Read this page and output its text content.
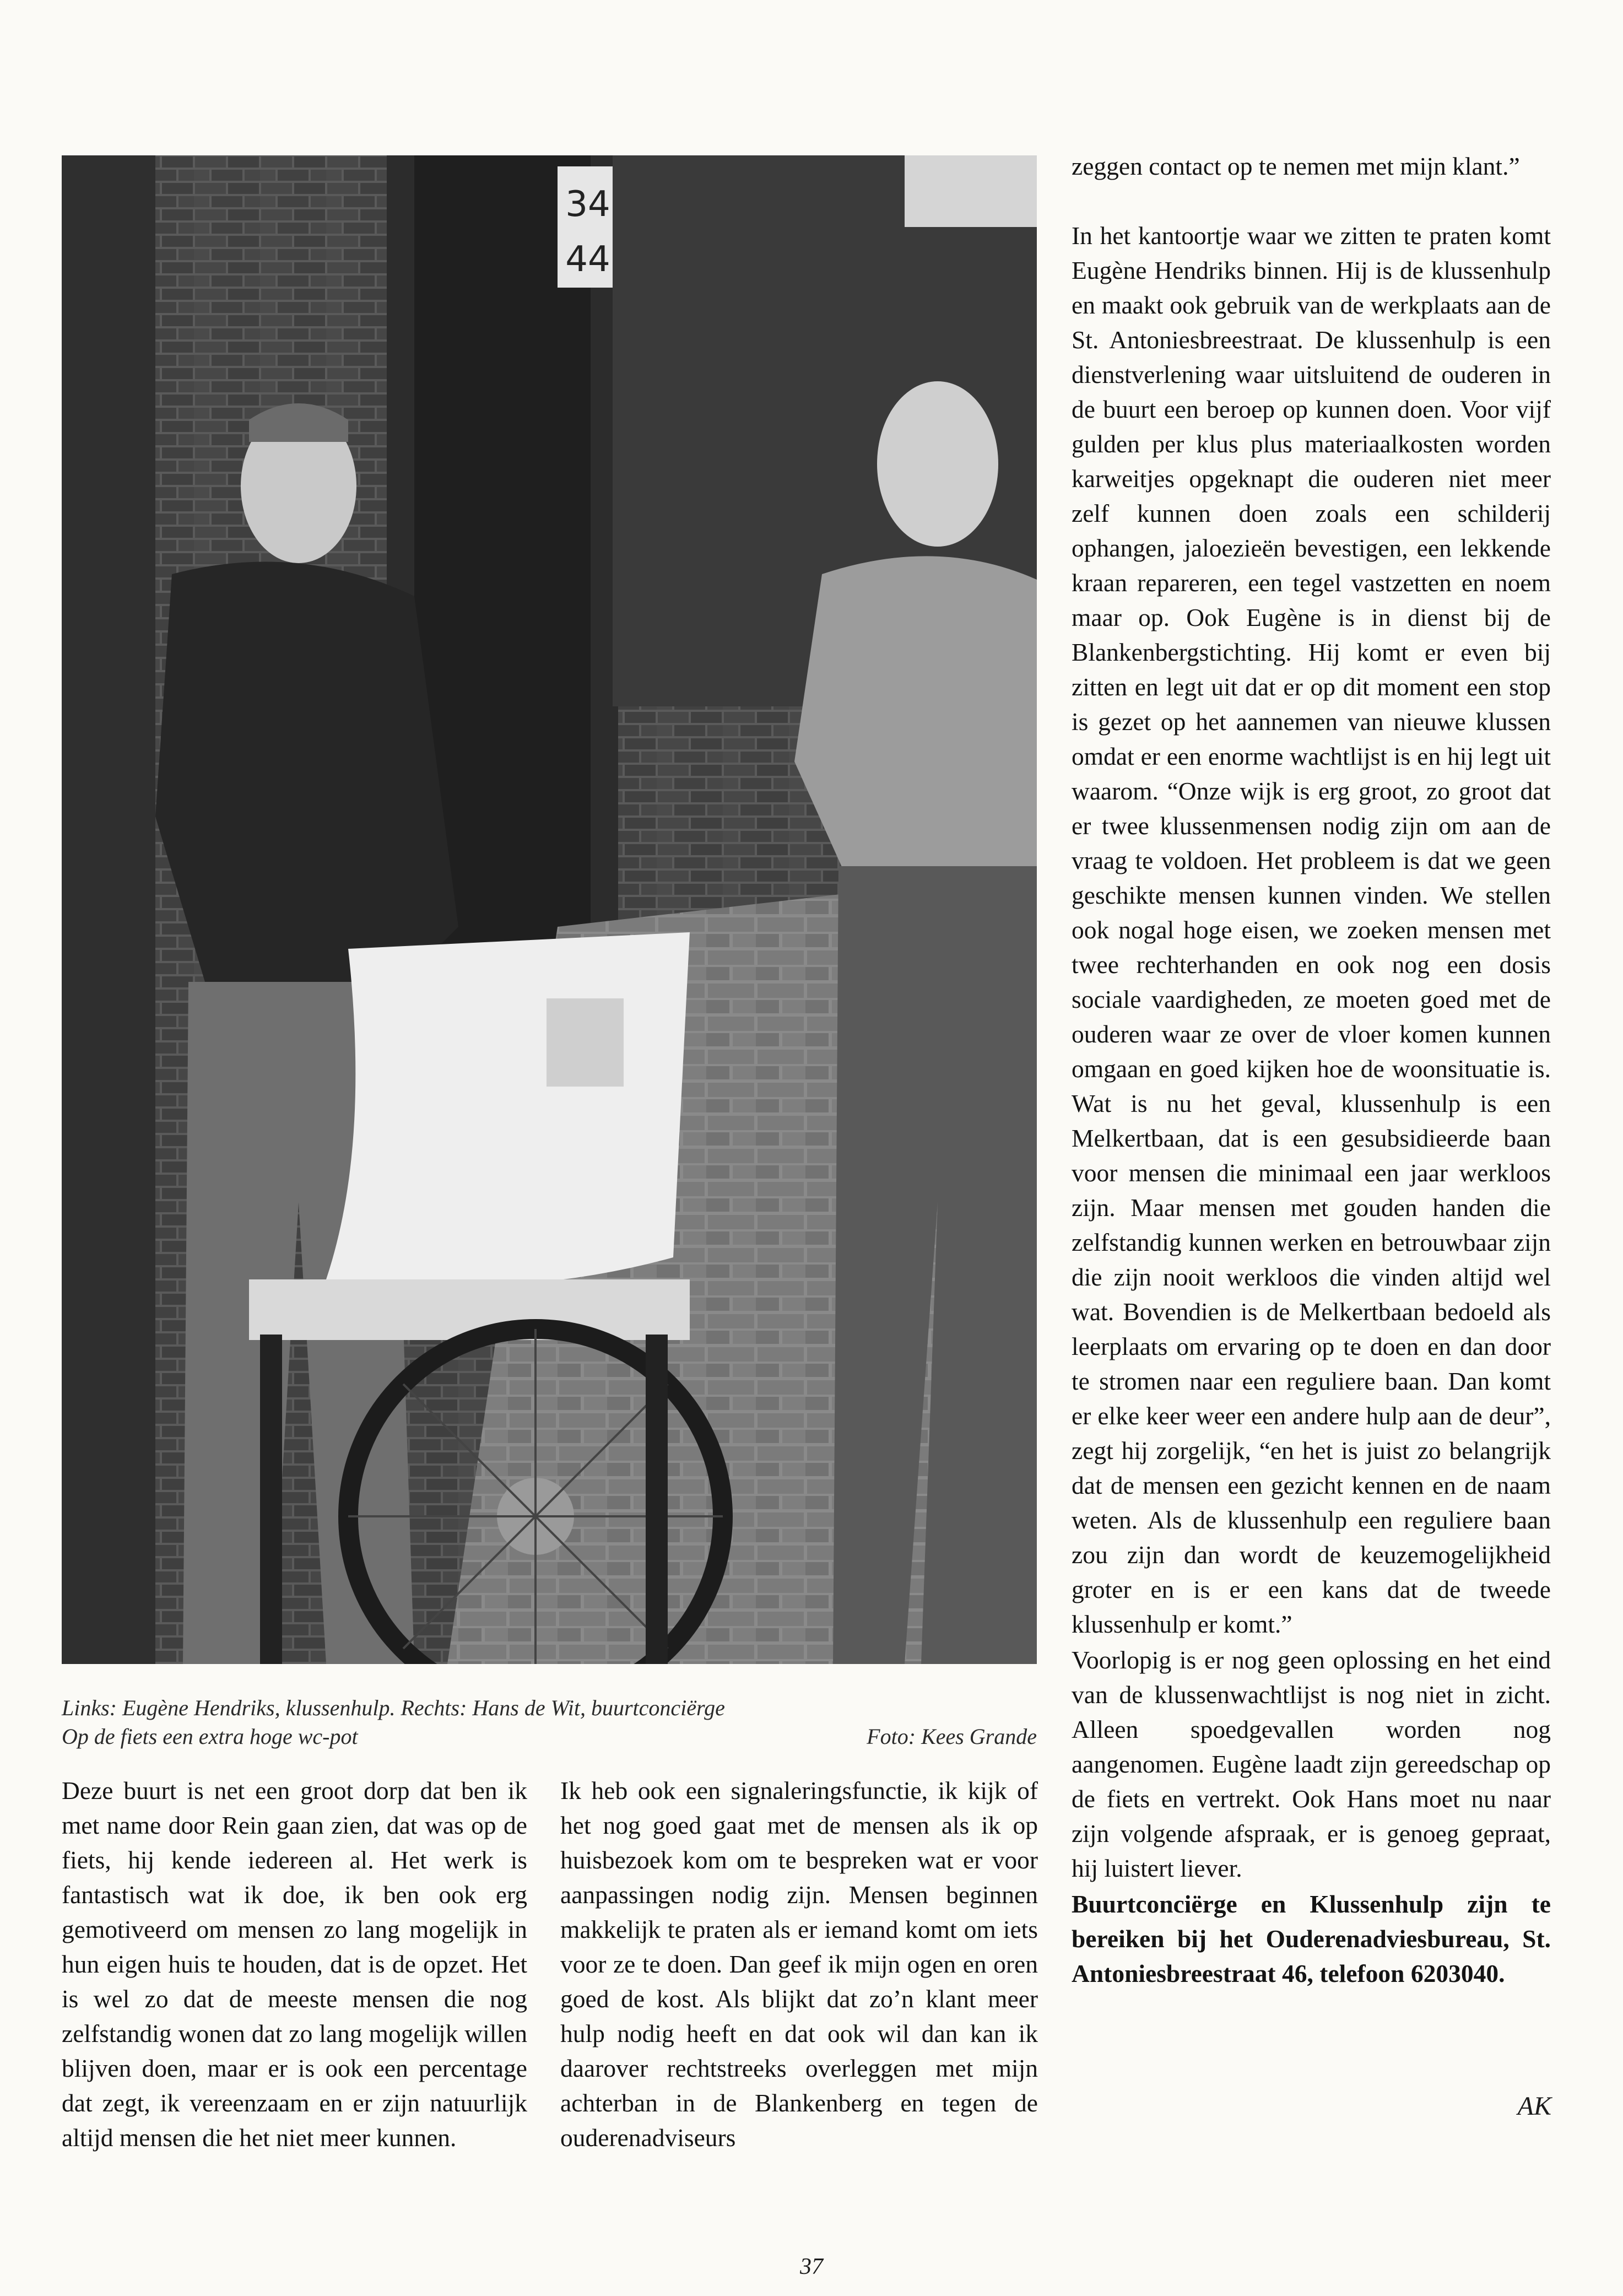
34
44
Links: Eugène Hendriks, klussenhulp. Rechts: Hans de Wit, buurtconciërge
Op de fiets een extra hoge wc-pot	Foto: Kees Grande

Deze buurt is net een groot dorp dat ben ik met name door Rein gaan zien, dat was op de fiets, hij kende iedereen al. Het werk is fantastisch wat ik doe, ik ben ook erg gemotiveerd om mensen zo lang mogelijk in hun eigen huis te houden, dat is de opzet. Het is wel zo dat de meeste mensen die nog zelfstandig wonen dat zo lang mogelijk willen blijven doen, maar er is ook een percentage dat zegt, ik vereenzaam en er zijn natuurlijk altijd mensen die het niet meer kunnen.

Ik heb ook een signaleringsfunctie, ik kijk of het nog goed gaat met de mensen als ik op huisbezoek kom om te bespreken wat er voor aanpassingen nodig zijn. Mensen beginnen makkelijk te praten als er iemand komt om iets voor ze te doen. Dan geef ik mijn ogen en oren goed de kost. Als blijkt dat zo’n klant meer hulp nodig heeft en dat ook wil dan kan ik daarover rechtstreeks overleggen met mijn achterban in de Blankenberg en tegen de ouderenadviseurs

zeggen contact op te nemen met mijn klant.”

In het kantoortje waar we zitten te praten komt Eugène Hendriks binnen. Hij is de klussenhulp en maakt ook gebruik van de werkplaats aan de St. Antoniesbreestraat. De klussenhulp is een dienstverlening waar uitsluitend de ouderen in de buurt een beroep op kunnen doen. Voor vijf gulden per klus plus materiaalkosten worden karweitjes opgeknapt die ouderen niet meer zelf kunnen doen zoals een schilderij ophangen, jaloezieën bevestigen, een lekkende kraan repareren, een tegel vastzetten en noem maar op. Ook Eugène is in dienst bij de Blankenbergstichting. Hij komt er even bij zitten en legt uit dat er op dit moment een stop is gezet op het aannemen van nieuwe klussen omdat er een enorme wachtlijst is en hij legt uit waarom. “Onze wijk is erg groot, zo groot dat er twee klussenmensen nodig zijn om aan de vraag te voldoen. Het probleem is dat we geen geschikte mensen kunnen vinden. We stellen ook nogal hoge eisen, we zoeken mensen met twee rechterhanden en ook nog een dosis sociale vaardigheden, ze moeten goed met de ouderen waar ze over de vloer komen kunnen omgaan en goed kijken hoe de woonsituatie is. Wat is nu het geval, klussenhulp is een Melkertbaan, dat is een gesubsidieerde baan voor mensen die minimaal een jaar werkloos zijn. Maar mensen met gouden handen die zelfstandig kunnen werken en betrouwbaar zijn die zijn nooit werkloos die vinden altijd wel wat. Bovendien is de Melkertbaan bedoeld als leerplaats om ervaring op te doen en dan door te stromen naar een reguliere baan. Dan komt er elke keer weer een andere hulp aan de deur”, zegt hij zorgelijk, “en het is juist zo belangrijk dat de mensen een gezicht kennen en de naam weten. Als de klussenhulp een reguliere baan zou zijn dan wordt de keuzemogelijkheid groter en is er een kans dat de tweede klussenhulp er komt.”

Voorlopig is er nog geen oplossing en het eind van de klussenwachtlijst is nog niet in zicht. Alleen spoedgevallen worden nog aangenomen. Eugène laadt zijn gereedschap op de fiets en vertrekt. Ook Hans moet nu naar zijn volgende afspraak, er is genoeg gepraat, hij luistert liever.

Buurtconciërge en Klussenhulp zijn te bereiken bij het Ouderenadviesbureau, St. Antoniesbreestraat 46, telefoon 6203040.

AK
37
